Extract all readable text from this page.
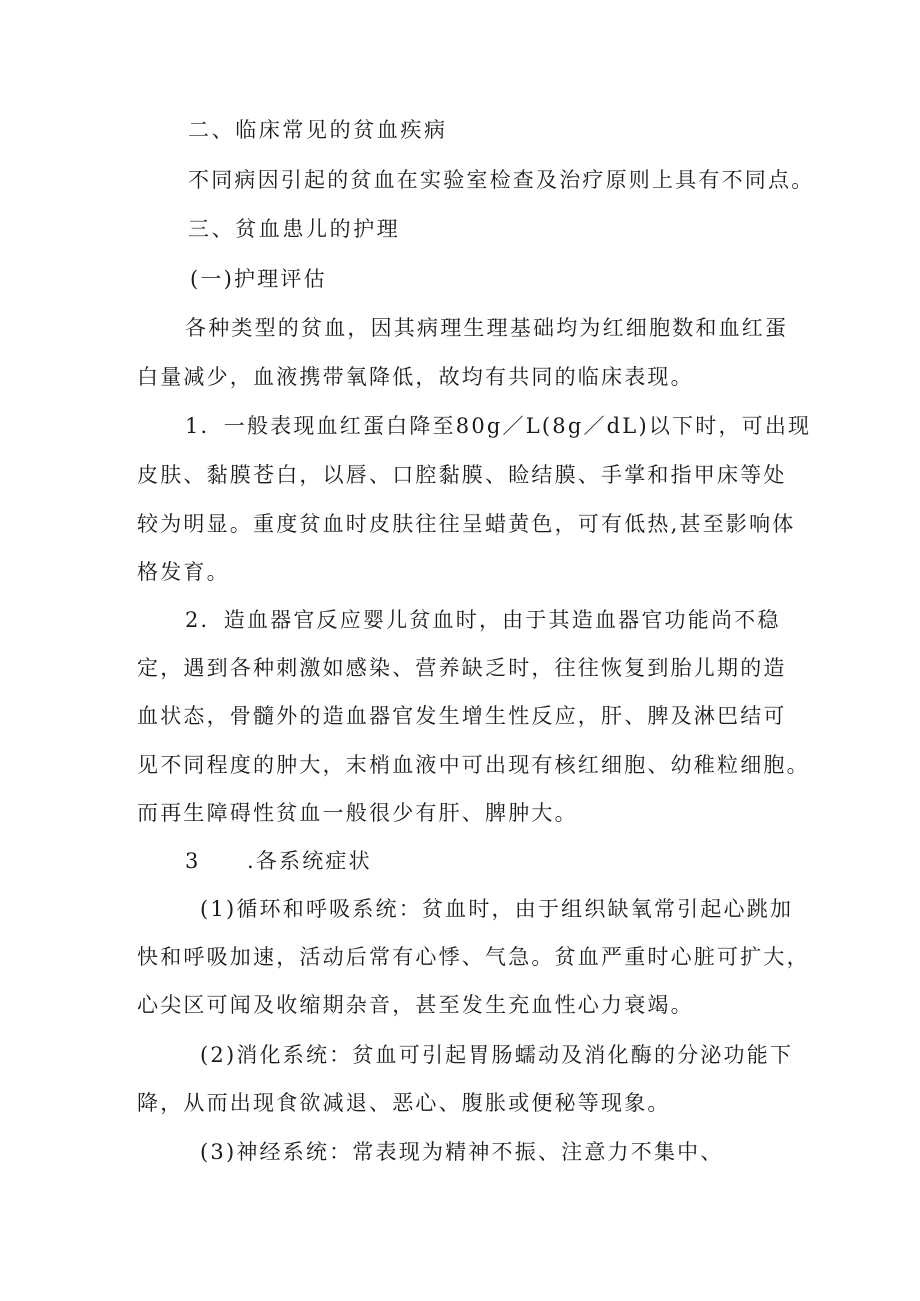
二、临床常见的贫血疾病
不同病因引起的贫血在实验室检查及治疗原则上具有不同点。
三、贫血患儿的护理
(一)护理评估
各种类型的贫血，因其病理生理基础均为红细胞数和血红蛋
白量减少，血液携带氧降低，故均有共同的临床表现。
1．一般表现血红蛋白降至80g／L(8g／dL)以下时，可出现
皮肤、黏膜苍白，以唇、口腔黏膜、睑结膜、手掌和指甲床等处
较为明显。重度贫血时皮肤往往呈蜡黄色，可有低热,甚至影响体
格发育。
2．造血器官反应婴儿贫血时，由于其造血器官功能尚不稳
定，遇到各种刺激如感染、营养缺乏时，往往恢复到胎儿期的造
血状态，骨髓外的造血器官发生增生性反应，肝、脾及淋巴结可
见不同程度的肿大，末梢血液中可出现有核红细胞、幼稚粒细胞。
而再生障碍性贫血一般很少有肝、脾肿大。
3　　.各系统症状
(1)循环和呼吸系统：贫血时，由于组织缺氧常引起心跳加
快和呼吸加速，活动后常有心悸、气急。贫血严重时心脏可扩大，
心尖区可闻及收缩期杂音，甚至发生充血性心力衰竭。
(2)消化系统：贫血可引起胃肠蠕动及消化酶的分泌功能下
降，从而出现食欲减退、恶心、腹胀或便秘等现象。
(3)神经系统：常表现为精神不振、注意力不集中、
